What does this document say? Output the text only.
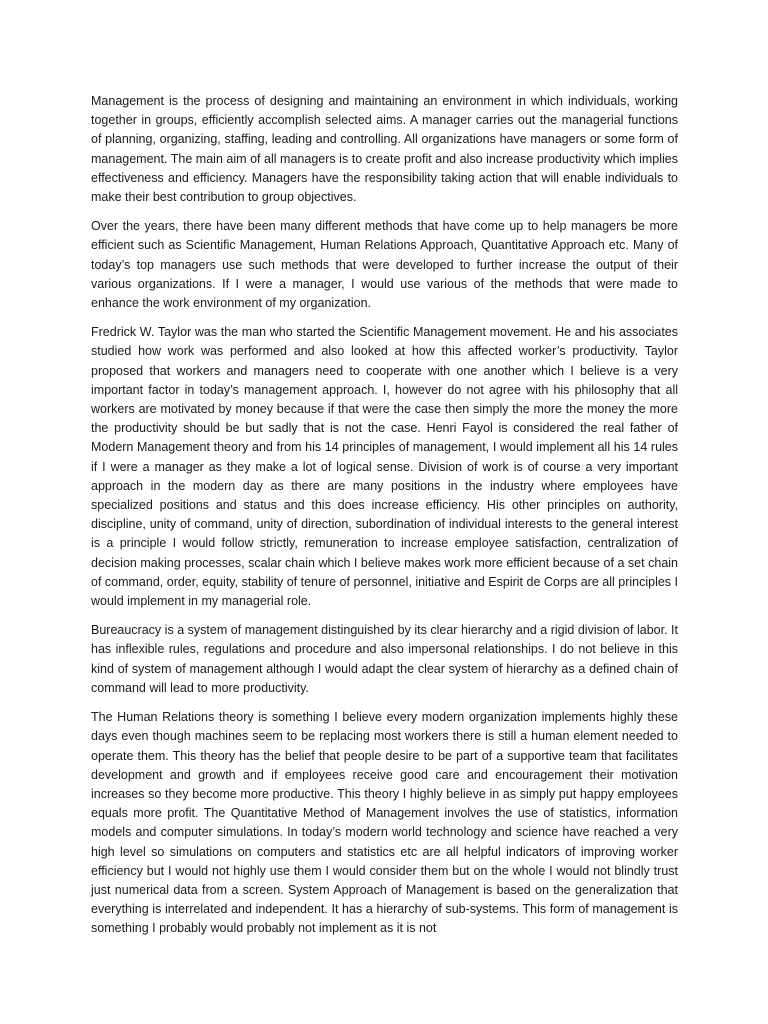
Management is the process of designing and maintaining an environment in which individuals, working together in groups, efficiently accomplish selected aims. A manager carries out the managerial functions of planning, organizing, staffing, leading and controlling. All organizations have managers or some form of management. The main aim of all managers is to create profit and also increase productivity which implies effectiveness and efficiency. Managers have the responsibility taking action that will enable individuals to make their best contribution to group objectives.

Over the years, there have been many different methods that have come up to help managers be more efficient such as Scientific Management, Human Relations Approach, Quantitative Approach etc. Many of today’s top managers use such methods that were developed to further increase the output of their various organizations. If I were a manager, I would use various of the methods that were made to enhance the work environment of my organization.

Fredrick W. Taylor was the man who started the Scientific Management movement. He and his associates studied how work was performed and also looked at how this affected worker’s productivity. Taylor proposed that workers and managers need to cooperate with one another which I believe is a very important factor in today’s management approach. I, however do not agree with his philosophy that all workers are motivated by money because if that were the case then simply the more the money the more the productivity should be but sadly that is not the case. Henri Fayol is considered the real father of Modern Management theory and from his 14 principles of management, I would implement all his 14 rules if I were a manager as they make a lot of logical sense. Division of work is of course a very important approach in the modern day as there are many positions in the industry where employees have specialized positions and status and this does increase efficiency. His other principles on authority, discipline, unity of command, unity of direction, subordination of individual interests to the general interest is a principle I would follow strictly, remuneration to increase employee satisfaction, centralization of decision making processes, scalar chain which I believe makes work more efficient because of a set chain of command, order, equity, stability of tenure of personnel, initiative and Espirit de Corps are all principles I would implement in my managerial role.

Bureaucracy is a system of management distinguished by its clear hierarchy and a rigid division of labor. It has inflexible rules, regulations and procedure and also impersonal relationships. I do not believe in this kind of system of management although I would adapt the clear system of hierarchy as a defined chain of command will lead to more productivity.

The Human Relations theory is something I believe every modern organization implements highly these days even though machines seem to be replacing most workers there is still a human element needed to operate them. This theory has the belief that people desire to be part of a supportive team that facilitates development and growth and if employees receive good care and encouragement their motivation increases so they become more productive. This theory I highly believe in as simply put happy employees equals more profit. The Quantitative Method of Management involves the use of statistics, information models and computer simulations. In today’s modern world technology and science have reached a very high level so simulations on computers and statistics etc are all helpful indicators of improving worker efficiency but I would not highly use them I would consider them but on the whole I would not blindly trust just numerical data from a screen. System Approach of Management is based on the generalization that everything is interrelated and independent. It has a hierarchy of sub-systems. This form of management is something I probably would probably not implement as it is not
